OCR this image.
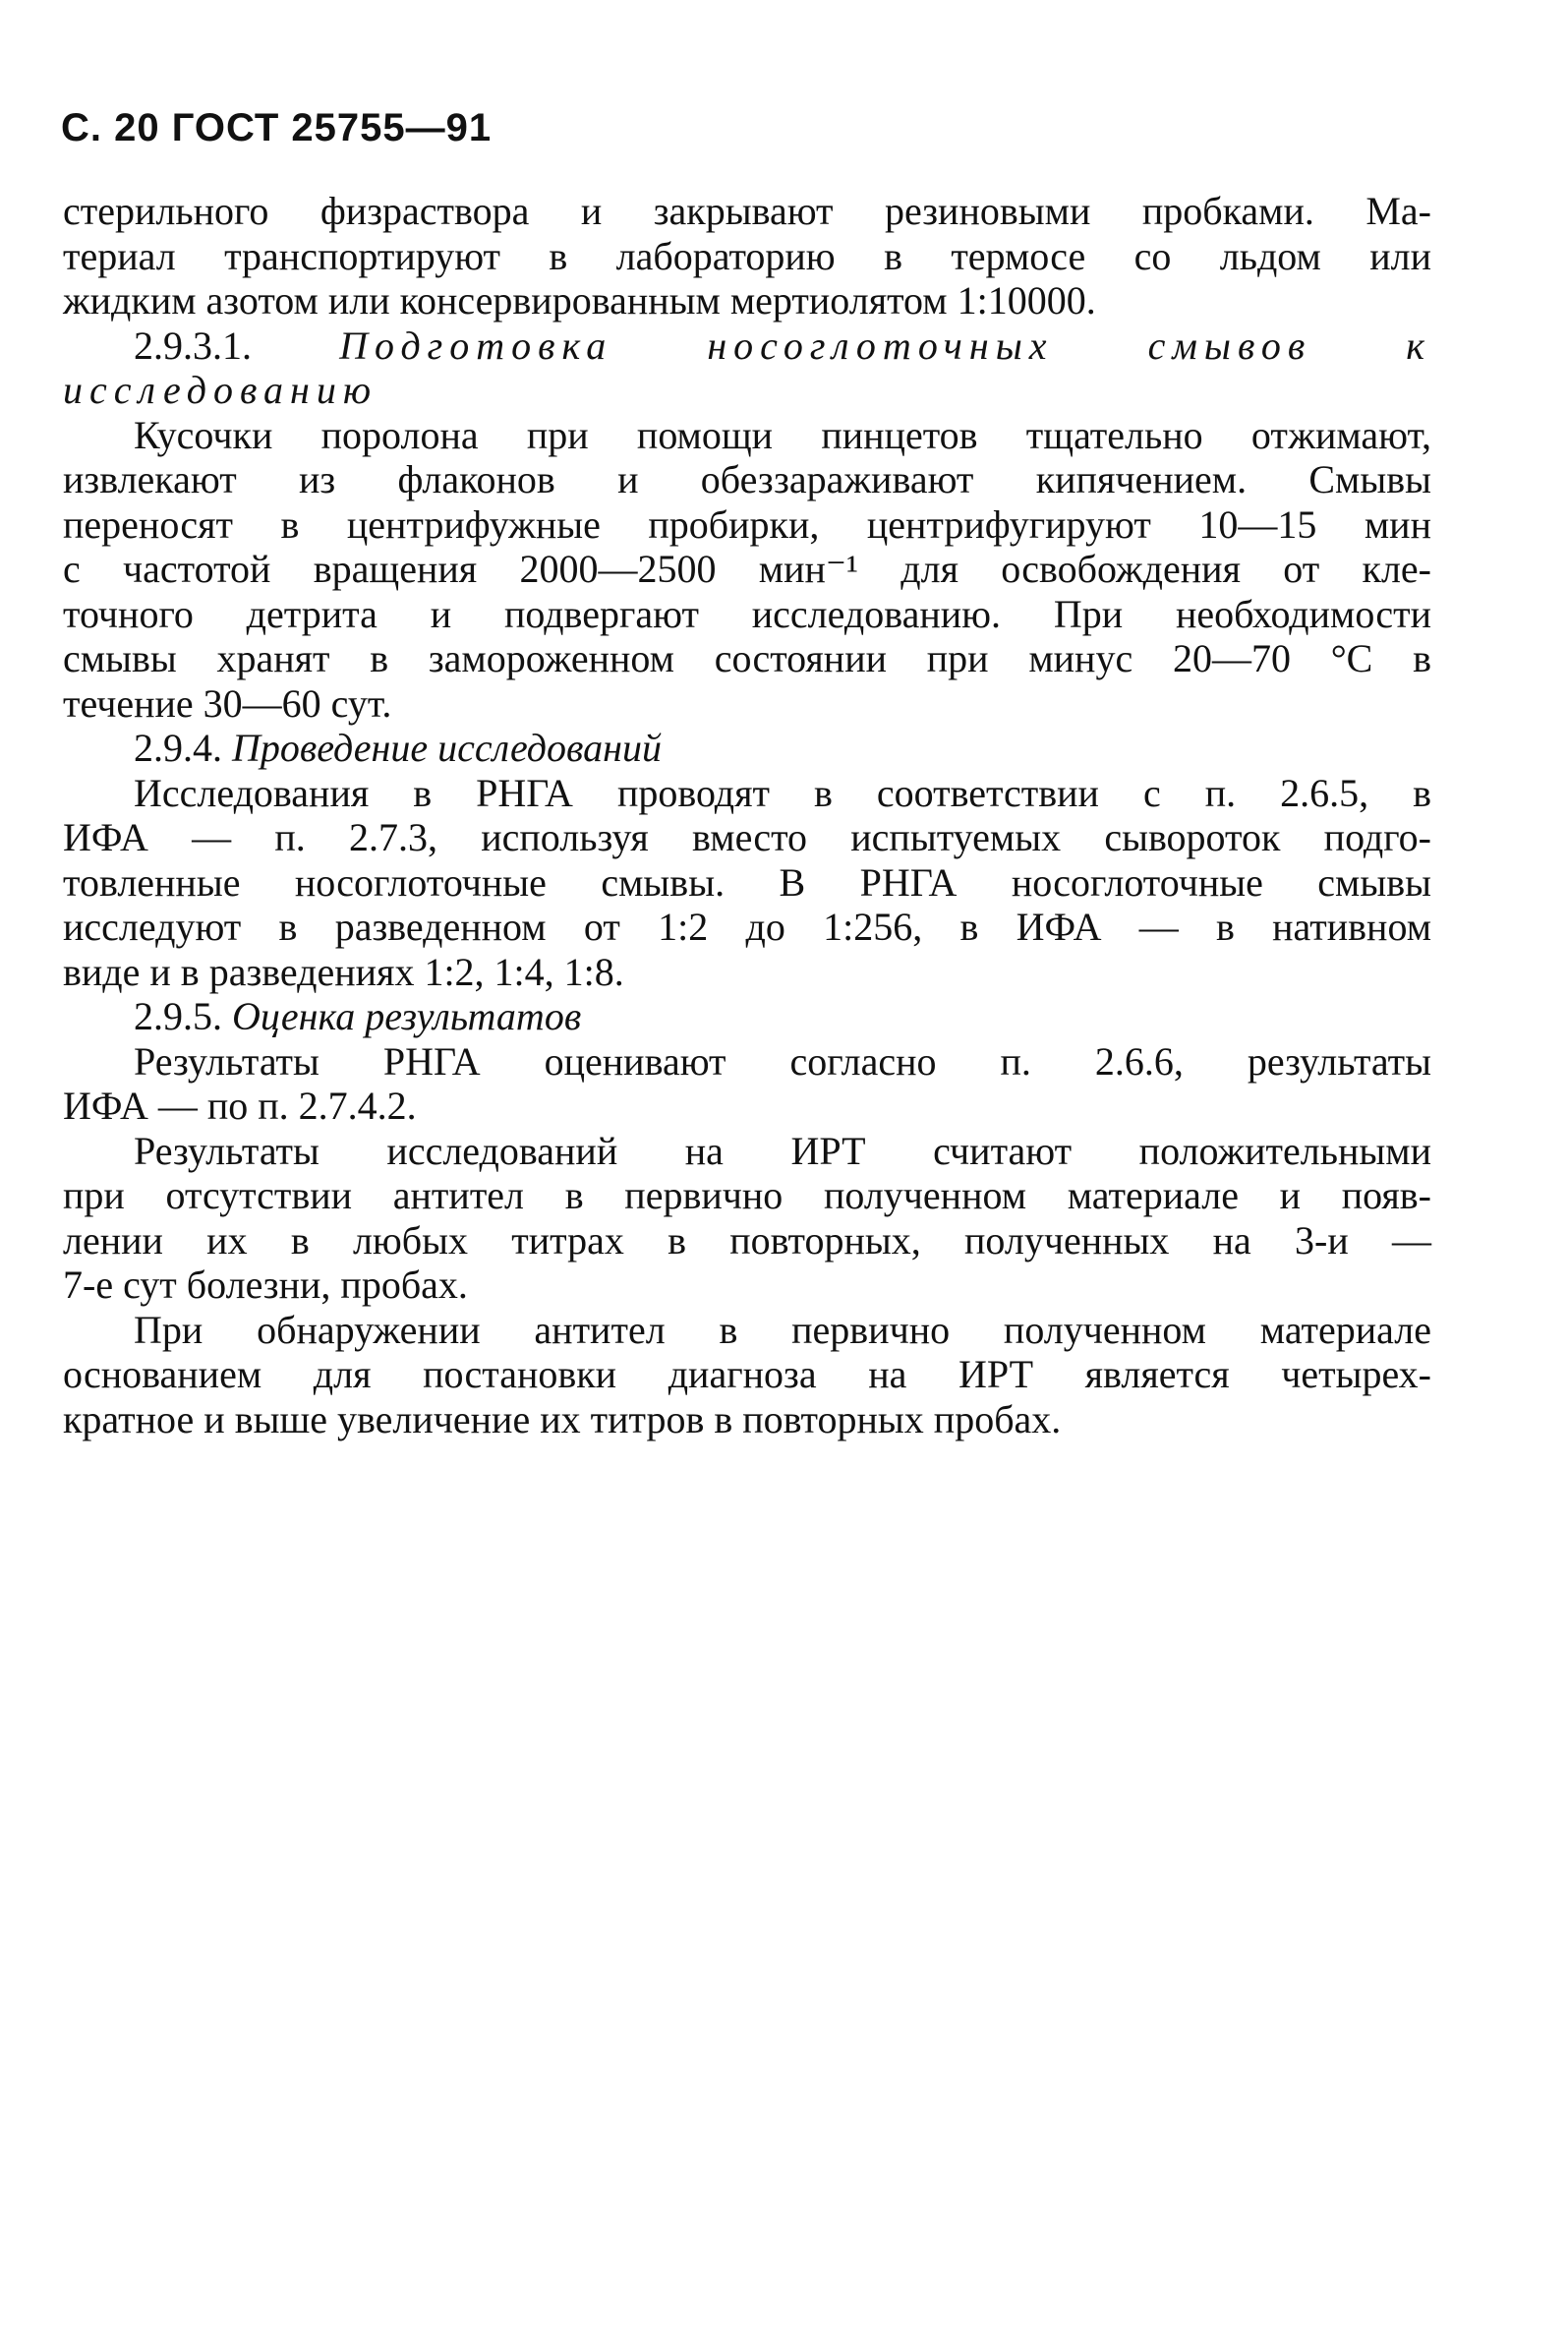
С. 20 ГОСТ 25755—91

стерильного физраствора и закрывают резиновыми пробками. Ма-
териал транспортируют в лабораторию в термосе со льдом или
жидким азотом или консервированным мертиолятом 1:10000.

2.9.3.1. Подготовка носоглоточных смывов к
исследованию

Кусочки поролона при помощи пинцетов тщательно отжимают,
извлекают из флаконов и обеззараживают кипячением. Смывы
переносят в центрифужные пробирки, центрифугируют 10—15 мин
с частотой вращения 2000—2500 мин⁻¹ для освобождения от кле-
точного детрита и подвергают исследованию. При необходимости
смывы хранят в замороженном состоянии при минус 20—70 °С в
течение 30—60 сут.

2.9.4. Проведение исследований

Исследования в РНГА проводят в соответствии с п. 2.6.5, в
ИФА — п. 2.7.3, используя вместо испытуемых сывороток подго-
товленные носоглоточные смывы. В РНГА носоглоточные смывы
исследуют в разведенном от 1:2 до 1:256, в ИФА — в нативном
виде и в разведениях 1:2, 1:4, 1:8.

2.9.5. Оценка результатов

Результаты РНГА оценивают согласно п. 2.6.6, результаты
ИФА — по п. 2.7.4.2.

Результаты исследований на ИРТ считают положительными
при отсутствии антител в первично полученном материале и появ-
лении их в любых титрах в повторных, полученных на 3-и —
7-е сут болезни, пробах.

При обнаружении антител в первично полученном материале
основанием для постановки диагноза на ИРТ является четырех-
кратное и выше увеличение их титров в повторных пробах.
